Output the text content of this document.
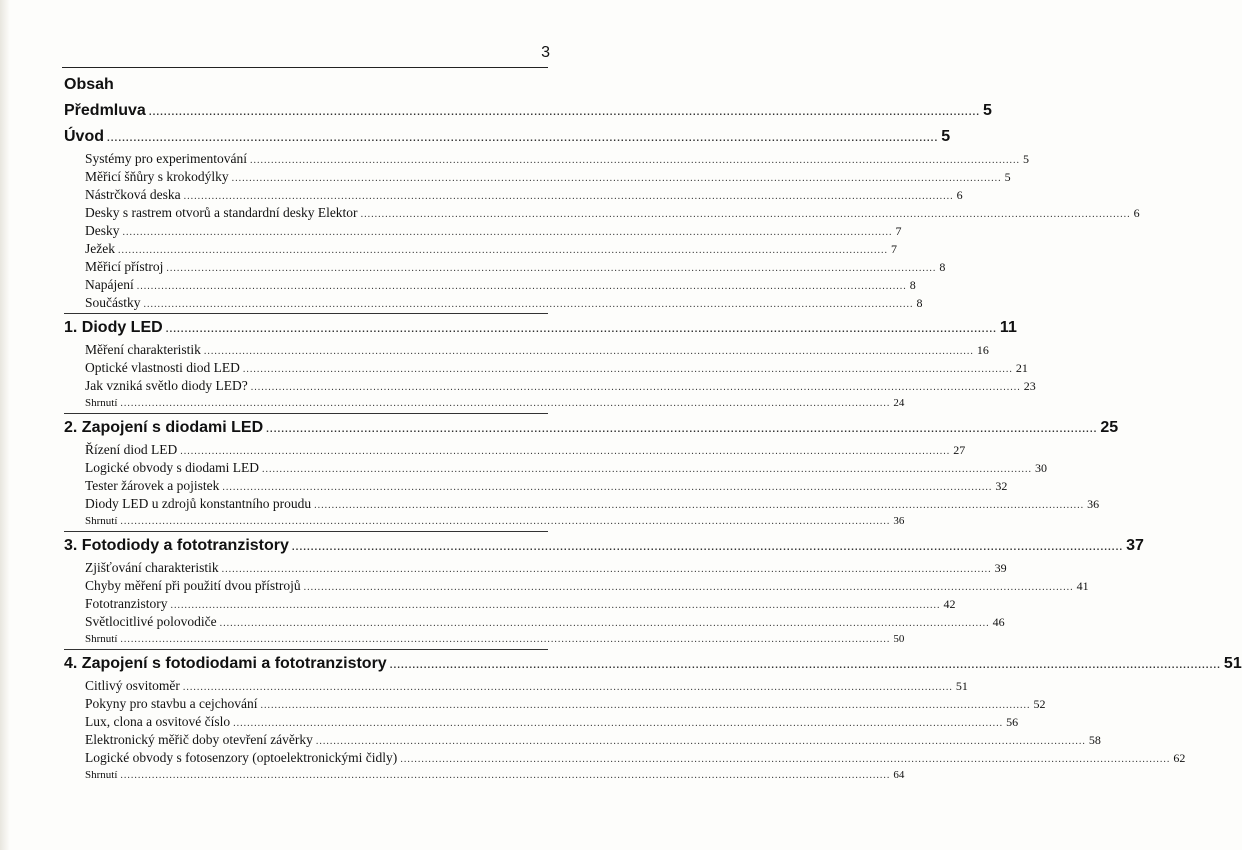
3
Obsah
Předmluva ............................................................................................................................................................................................................................ 5
Úvod ............................................................................................................................................................................................................................ 5
Systémy pro experimentování ............................................................................................................................................................................................................................ 5
Měřicí šňůry s krokodýlky ............................................................................................................................................................................................................................ 5
Nástrčková deska ............................................................................................................................................................................................................................ 6
Desky s rastrem otvorů a standardní desky Elektor ............................................................................................................................................................................................................................ 6
Desky ............................................................................................................................................................................................................................ 7
Ježek ............................................................................................................................................................................................................................ 7
Měřicí přístroj ............................................................................................................................................................................................................................ 8
Napájení ............................................................................................................................................................................................................................ 8
Součástky ............................................................................................................................................................................................................................ 8
1. Diody LED ............................................................................................................................................................................................................................ 11
Měření charakteristik ............................................................................................................................................................................................................................ 16
Optické vlastnosti diod LED ............................................................................................................................................................................................................................ 21
Jak vzniká světlo diody LED? ............................................................................................................................................................................................................................ 23
Shrnutí ............................................................................................................................................................................................................................ 24
2. Zapojení s diodami LED ............................................................................................................................................................................................................................ 25
Řízení diod LED ............................................................................................................................................................................................................................ 27
Logické obvody s diodami LED ............................................................................................................................................................................................................................ 30
Tester žárovek a pojistek ............................................................................................................................................................................................................................ 32
Diody LED u zdrojů konstantního proudu ............................................................................................................................................................................................................................ 36
Shrnutí ............................................................................................................................................................................................................................ 36
3. Fotodiody a fototranzistory ............................................................................................................................................................................................................................ 37
Zjišťování charakteristik ............................................................................................................................................................................................................................ 39
Chyby měření při použití dvou přístrojů ............................................................................................................................................................................................................................ 41
Fototranzistory ............................................................................................................................................................................................................................ 42
Světlocitlivé polovodiče ............................................................................................................................................................................................................................ 46
Shrnutí ............................................................................................................................................................................................................................ 50
4. Zapojení s fotodiodami a fototranzistory ............................................................................................................................................................................................................................ 51
Citlivý osvitoměr ............................................................................................................................................................................................................................ 51
Pokyny pro stavbu a cejchování ............................................................................................................................................................................................................................ 52
Lux, clona a osvitové číslo ............................................................................................................................................................................................................................ 56
Elektronický měřič doby otevření závěrky ............................................................................................................................................................................................................................ 58
Logické obvody s fotosenzory (optoelektronickými čidly) ............................................................................................................................................................................................................................ 62
Shrnutí ............................................................................................................................................................................................................................ 64
